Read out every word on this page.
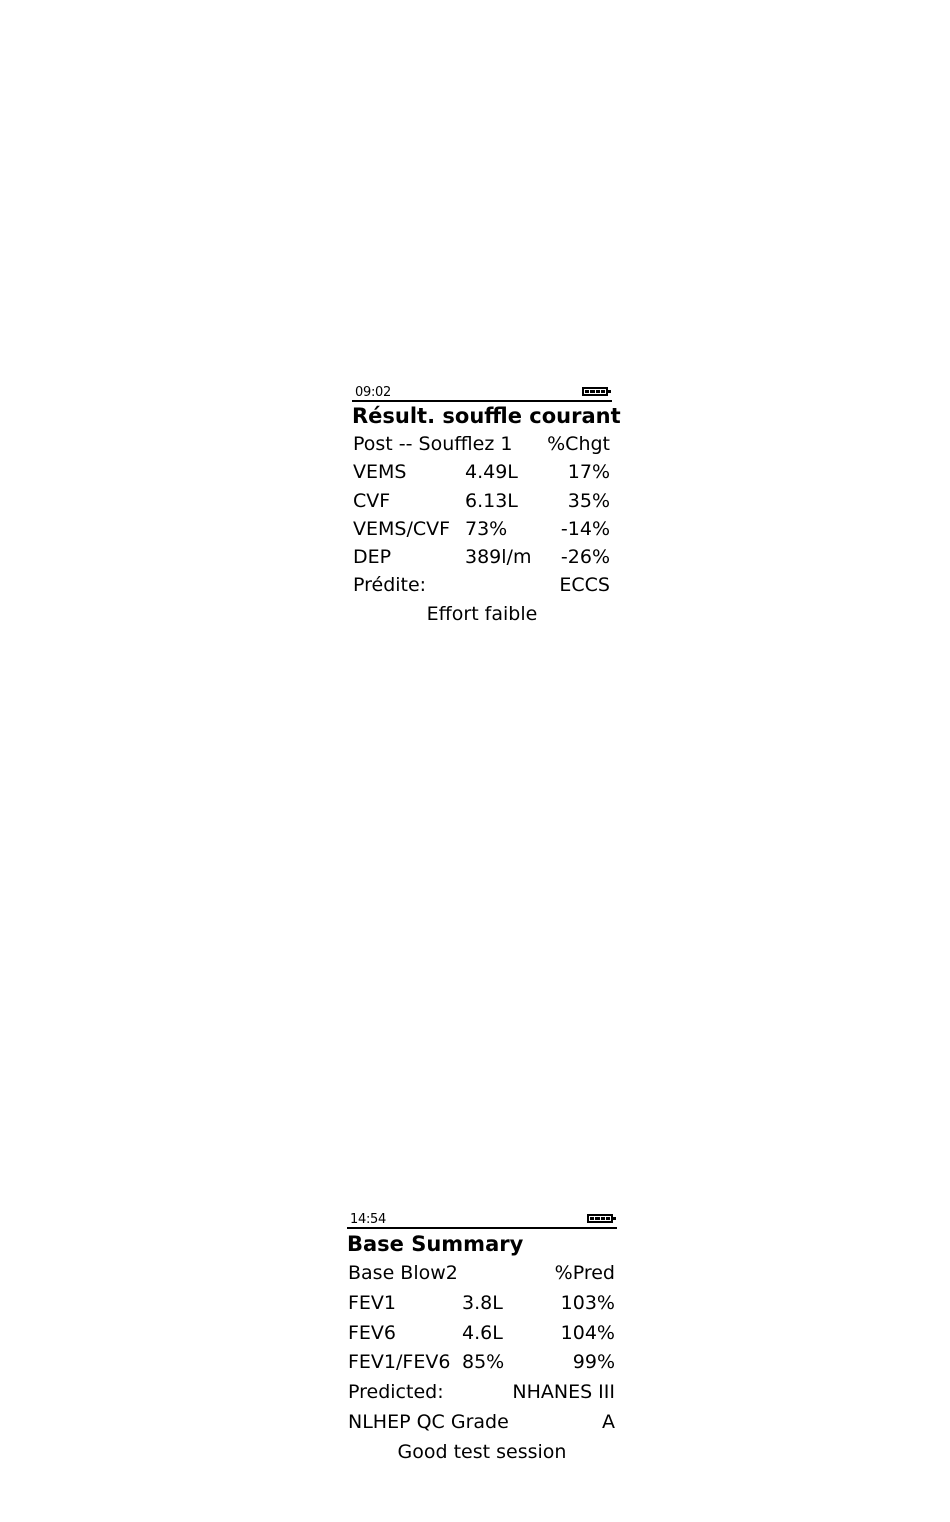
09:02
Résult. souffle courant
Post -- Soufflez 1 %Chgt
VEMS	4.49L	17%
CVF	6.13L	35%
VEMS/CVF 73%	-14%
DEP	389l/m -26%
Prédite:	ECCS
Effort faible
14:54
Base Summary
Base Blow2	%Pred
FEV1	3.8L	103%
FEV6	4.6L	104%
FEV1/FEV6 85%	99%
Predicted:	NHANES III
NLHEP QC Grade	A
Good test session
